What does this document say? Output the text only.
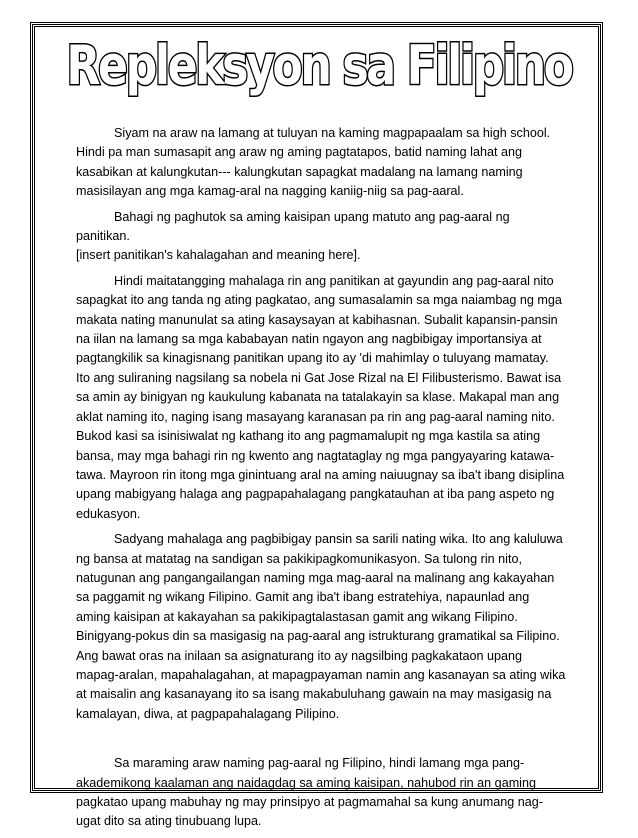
Repleksyon sa Filipino

Siyam na araw na lamang at tuluyan na kaming magpapaalam sa high school.
Hindi pa man sumasapit ang araw ng aming pagtatapos, batid naming lahat ang
kasabikan at kalungkutan--- kalungkutan sapagkat madalang na lamang naming
masisilayan ang mga kamag-aral na nagging kaniig-niig sa pag-aaral.

Bahagi ng paghutok sa aming kaisipan upang matuto ang pag-aaral ng panitikan.
[insert panitikan's kahalagahan and meaning here].

Hindi maitatangging mahalaga rin ang panitikan at gayundin ang pag-aaral nito
sapagkat ito ang tanda ng ating pagkatao, ang sumasalamin sa mga naiambag ng mga
makata nating manunulat sa ating kasaysayan at kabihasnan. Subalit kapansin-pansin
na iilan na lamang sa mga kababayan natin ngayon ang nagbibigay importansiya at
pagtangkilik sa kinagisnang panitikan upang ito ay 'di mahimlay o tuluyang mamatay.
Ito ang suliraning nagsilang sa nobela ni Gat Jose Rizal na El Filibusterismo. Bawat isa
sa amin ay binigyan ng kaukulung kabanata na tatalakayin sa klase. Makapal man ang
aklat naming ito, naging isang masayang karanasan pa rin ang pag-aaral naming nito.
Bukod kasi sa isinisiwalat ng kathang ito ang pagmamalupit ng mga kastila sa ating
bansa, may mga bahagi rin ng kwento ang nagtataglay ng mga pangyayaring katawa-
tawa. Mayroon rin itong mga ginintuang aral na aming naiuugnay sa iba't ibang disiplina
upang mabigyang halaga ang pagpapahalagang pangkatauhan at iba pang aspeto ng
edukasyon.

Sadyang mahalaga ang pagbibigay pansin sa sarili nating wika. Ito ang kaluluwa
ng bansa at matatag na sandigan sa pakikipagkomunikasyon. Sa tulong rin nito,
natugunan ang pangangailangan naming mga mag-aaral na malinang ang kakayahan
sa paggamit ng wikang Filipino. Gamit ang iba't ibang estratehiya, napaunlad ang
aming kaisipan at kakayahan sa pakikipagtalastasan gamit ang wikang Filipino.
Binigyang-pokus din sa masigasig na pag-aaral ang istrukturang gramatikal sa Filipino.
Ang bawat oras na inilaan sa asignaturang ito ay nagsilbing pagkakataon upang
mapag-aralan, mapahalagahan, at mapagpayaman namin ang kasanayan sa ating wika
at maisalin ang kasanayang ito sa isang makabuluhang gawain na may masigasig na
kamalayan, diwa, at pagpapahalagang Pilipino.

Sa maraming araw naming pag-aaral ng Filipino, hindi lamang mga pang-
akademikong kaalaman ang naidagdag sa aming kaisipan, nahubod rin an gaming
pagkatao upang mabuhay ng may prinsipyo at pagmamahal sa kung anumang nag-
ugat dito sa ating tinubuang lupa.
